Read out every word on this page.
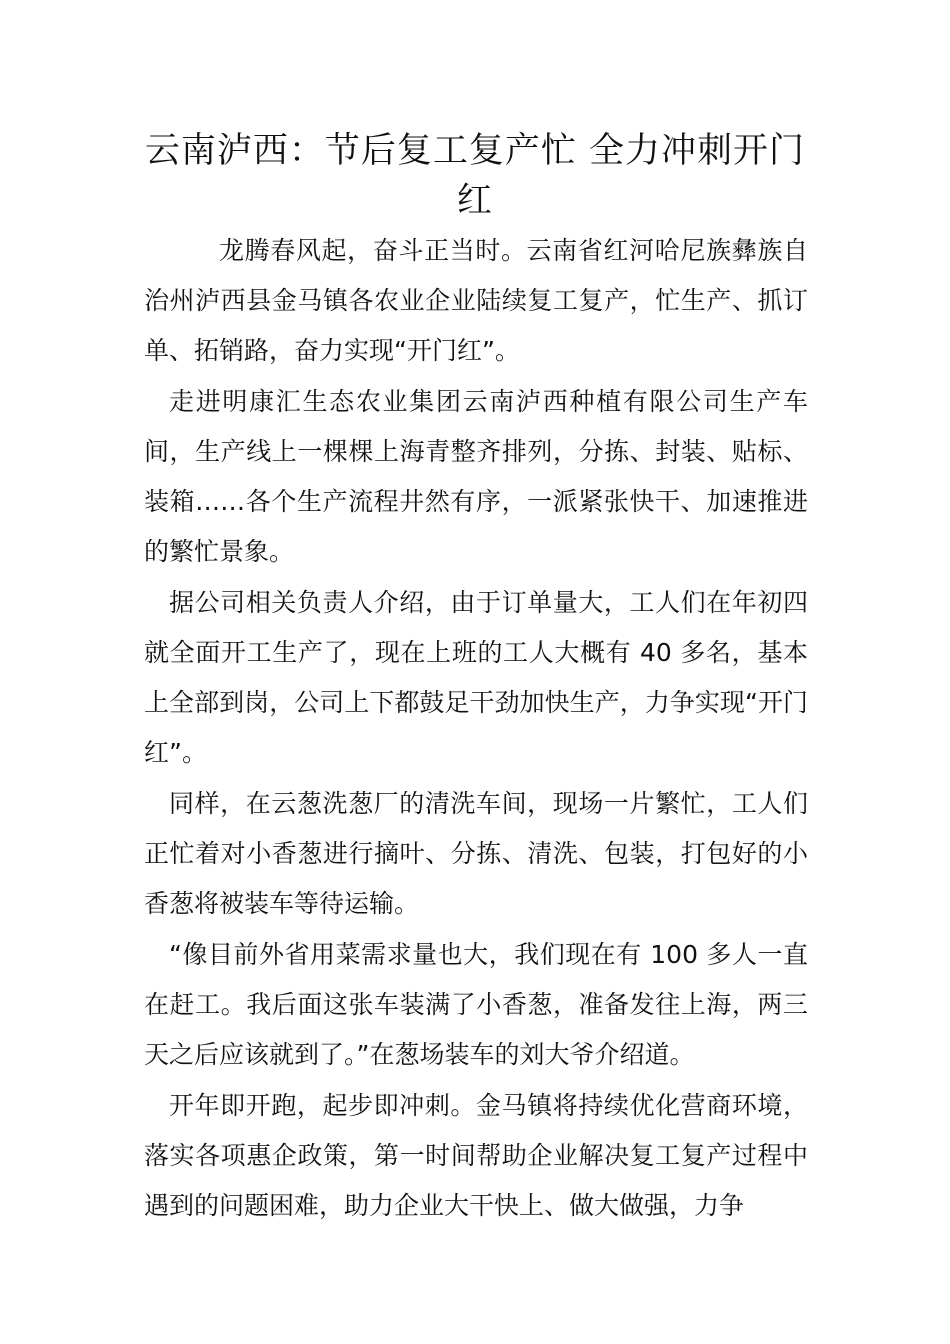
云南泸西：节后复工复产忙 全力冲刺开门红

龙腾春风起，奋斗正当时。云南省红河哈尼族彝族自治州泸西县金马镇各农业企业陆续复工复产，忙生产、抓订单、拓销路，奋力实现“开门红”。

走进明康汇生态农业集团云南泸西种植有限公司生产车间，生产线上一棵棵上海青整齐排列，分拣、封装、贴标、装箱……各个生产流程井然有序，一派紧张快干、加速推进的繁忙景象。

据公司相关负责人介绍，由于订单量大，工人们在年初四就全面开工生产了，现在上班的工人大概有 40 多名，基本上全部到岗，公司上下都鼓足干劲加快生产，力争实现“开门红”。

同样，在云葱洗葱厂的清洗车间，现场一片繁忙，工人们正忙着对小香葱进行摘叶、分拣、清洗、包装，打包好的小香葱将被装车等待运输。

“像目前外省用菜需求量也大，我们现在有 100 多人一直在赶工。我后面这张车装满了小香葱，准备发往上海，两三天之后应该就到了。”在葱场装车的刘大爷介绍道。

开年即开跑，起步即冲刺。金马镇将持续优化营商环境，落实各项惠企政策，第一时间帮助企业解决复工复产过程中遇到的问题困难，助力企业大干快上、做大做强，力争
